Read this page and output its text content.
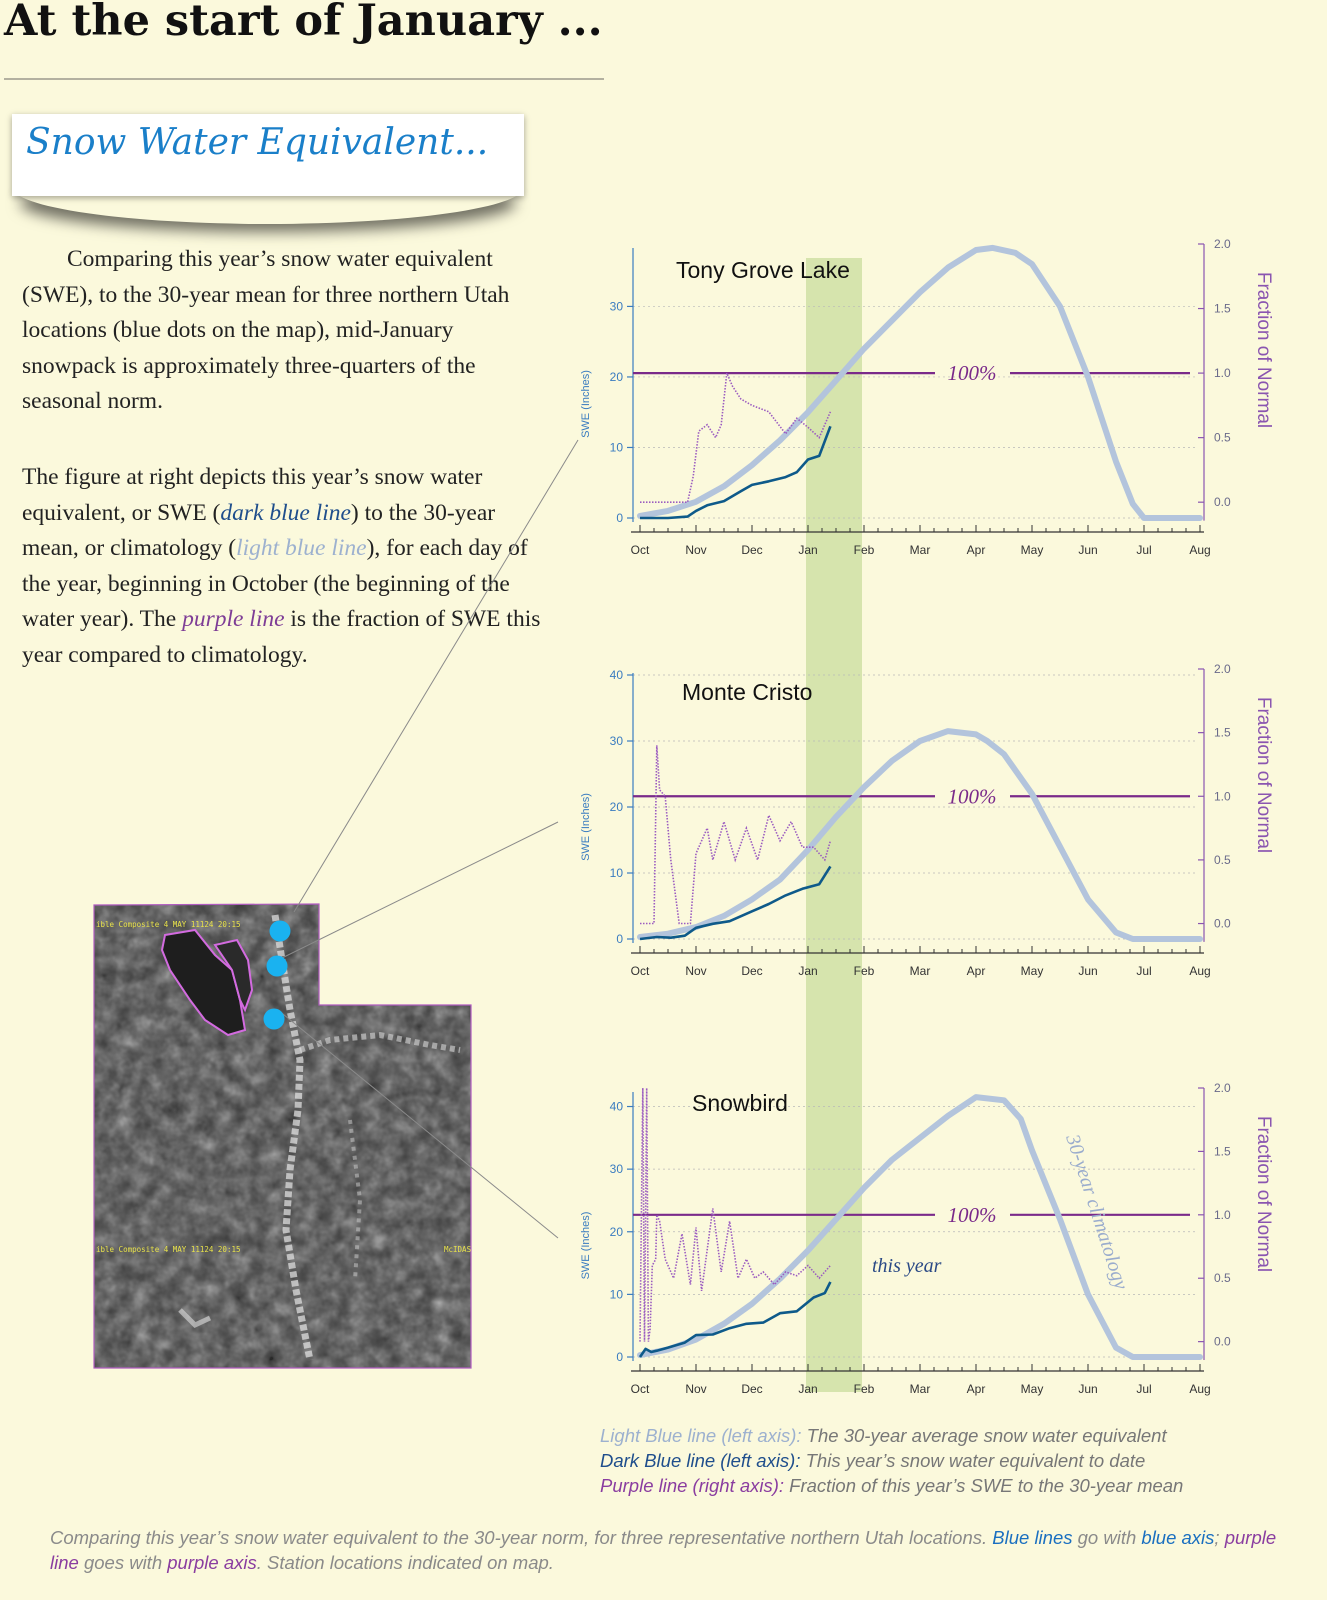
At the start of January ...
Snow Water Equivalent...

Comparing this year’s snow water equivalent (SWE), to the 30-year mean for three northern Utah locations (blue dots on the map), mid-January snowpack is approximately three-quarters of the seasonal norm.

The figure at right depicts this year’s snow water equivalent, or SWE (dark blue line) to the 30-year mean, or climatology (light blue line), for each day of the year, beginning in October (the beginning of the water year). The purple line is the fraction of SWE this year compared to climatology.

ible Composite 4 MAY 11124 20:15
ible Composite 4 MAY 11124 20:15	McIDAS
0
10
20
30
SWE (Inches)
0.0
0.5
1.0
1.5
2.0
Fraction of Normal
Oct	Nov	Dec	Jan	Feb	Mar	Apr	May	Jun	Jul	Aug
100%
Tony Grove Lake
0
10
20
30
40
SWE (Inches)
0.0
0.5
1.0
1.5
2.0
Fraction of Normal
Oct	Nov	Dec	Jan	Feb	Mar	Apr	May	Jun	Jul	Aug
100%
Monte Cristo
0
10
20
30
40
SWE (Inches)
0.0
0.5
1.0
1.5
2.0
Fraction of Normal
Oct	Nov	Dec	Jan	Feb	Mar	Apr	May	Jun	Jul	Aug
100%
Snowbird
this year	30-year climatology
Light Blue line (left axis): The 30-year average snow water equivalent
Dark Blue line (left axis): This year’s snow water equivalent to date
Purple line (right axis): Fraction of this year’s SWE to the 30-year mean

Comparing this year’s snow water equivalent to the 30-year norm, for three representative northern Utah locations. Blue lines go with blue axis; purple line goes with purple axis. Station locations indicated on map.
